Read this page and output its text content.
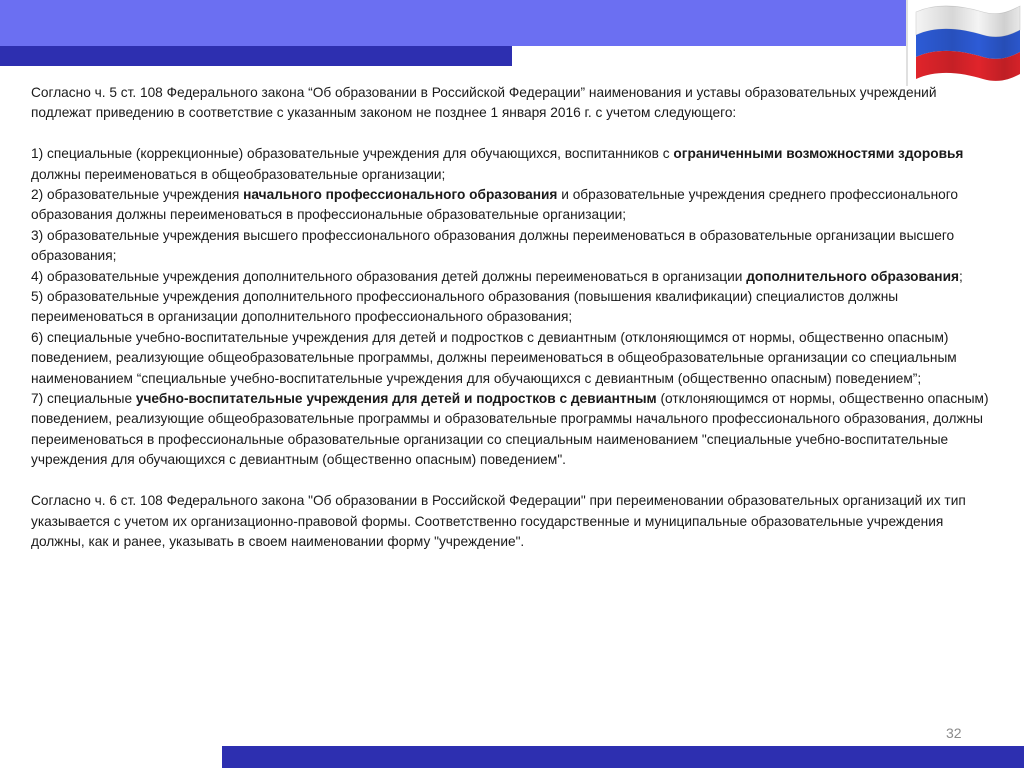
Согласно ч. 5 ст. 108 Федерального закона “Об образовании в Российской Федерации” наименования и уставы образовательных учреждений подлежат приведению в соответствие с указанным законом не позднее 1 января 2016 г. с учетом следующего:

1) специальные (коррекционные) образовательные учреждения для обучающихся, воспитанников с ограниченными возможностями здоровья должны переименоваться в общеобразовательные организации;

2) образовательные учреждения начального профессионального образования и образовательные учреждения среднего профессионального образования должны переименоваться в профессиональные образовательные организации;

3) образовательные учреждения высшего профессионального образования должны переименоваться в образовательные организации высшего образования;

4) образовательные учреждения дополнительного образования детей должны переименоваться в организации дополнительного образования;

5) образовательные учреждения дополнительного профессионального образования (повышения квалификации) специалистов должны переименоваться в организации дополнительного профессионального образования;

6) специальные учебно-воспитательные учреждения для детей и подростков с девиантным (отклоняющимся от нормы, общественно опасным) поведением, реализующие общеобразовательные программы, должны переименоваться в общеобразовательные организации со специальным наименованием “специальные учебно-воспитательные учреждения для обучающихся с девиантным (общественно опасным) поведением”;

7) специальные учебно-воспитательные учреждения для детей и подростков с девиантным (отклоняющимся от нормы, общественно опасным) поведением, реализующие общеобразовательные программы и образовательные программы начального профессионального образования, должны переименоваться в профессиональные образовательные организации со специальным наименованием "специальные учебно-воспитательные учреждения для обучающихся с девиантным (общественно опасным) поведением".

Согласно ч. 6 ст. 108 Федерального закона "Об образовании в Российской Федерации" при переименовании образовательных организаций их тип указывается с учетом их организационно-правовой формы. Соответственно государственные и муниципальные образовательные учреждения должны, как и ранее, указывать в своем наименовании форму "учреждение".

32
